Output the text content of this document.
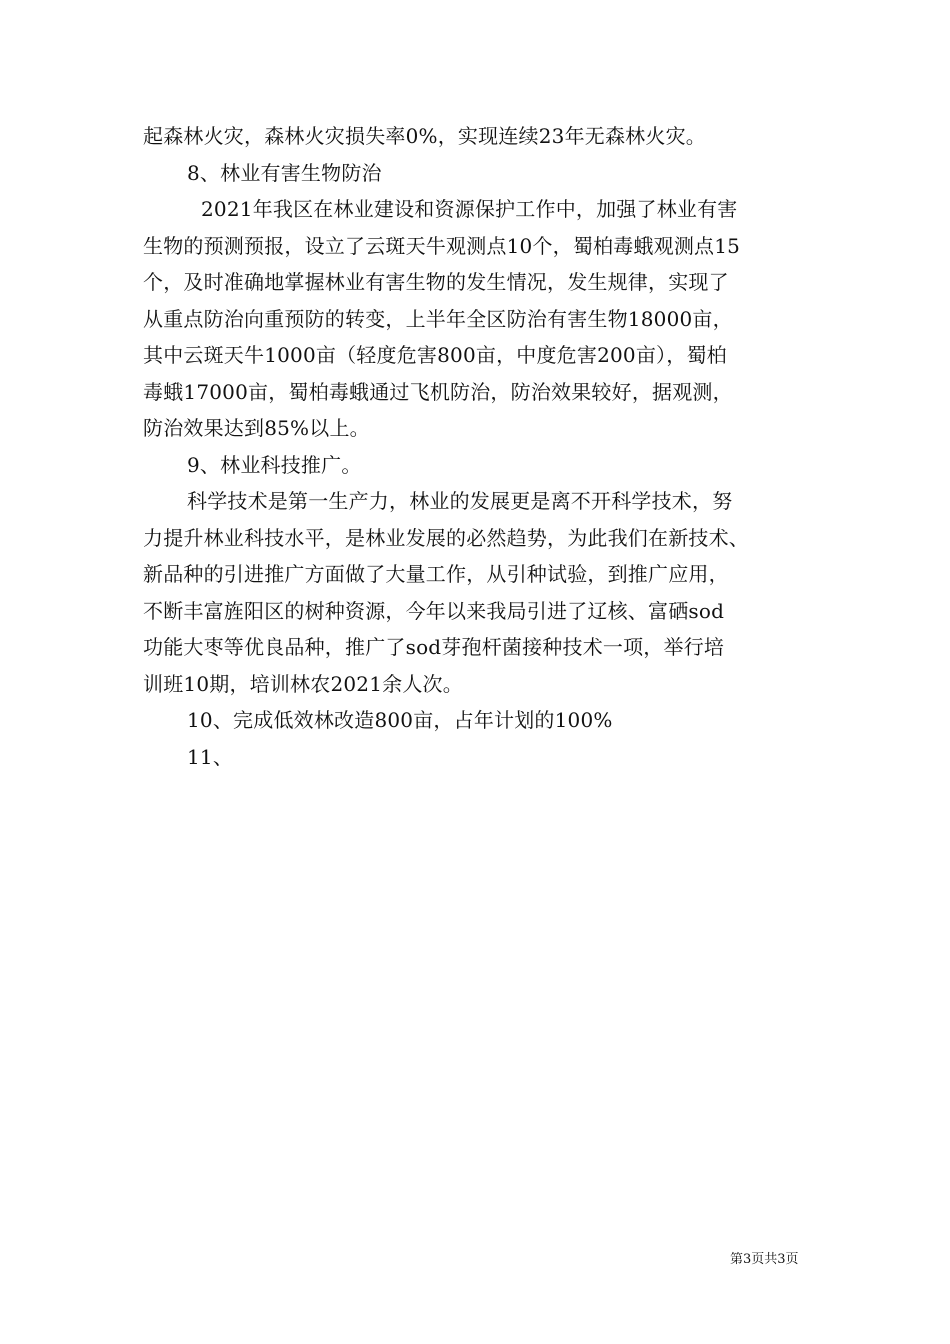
起森林火灾，森林火灾损失率0%，实现连续23年无森林火灾。
8、林业有害生物防治
2021年我区在林业建设和资源保护工作中，加强了林业有害
生物的预测预报，设立了云斑天牛观测点10个，蜀柏毒蛾观测点15
个，及时准确地掌握林业有害生物的发生情况，发生规律，实现了
从重点防治向重预防的转变，上半年全区防治有害生物18000亩，
其中云斑天牛1000亩（轻度危害800亩，中度危害200亩），蜀柏
毒蛾17000亩，蜀柏毒蛾通过飞机防治，防治效果较好，据观测，
防治效果达到85%以上。
9、林业科技推广。
科学技术是第一生产力，林业的发展更是离不开科学技术，努
力提升林业科技水平，是林业发展的必然趋势，为此我们在新技术、
新品种的引进推广方面做了大量工作，从引种试验，到推广应用，
不断丰富旌阳区的树种资源，今年以来我局引进了辽核、富硒sod
功能大枣等优良品种，推广了sod芽孢杆菌接种技术一项，举行培
训班10期，培训林农2021余人次。
10、完成低效林改造800亩，占年计划的100%
11、
第3页共3页
